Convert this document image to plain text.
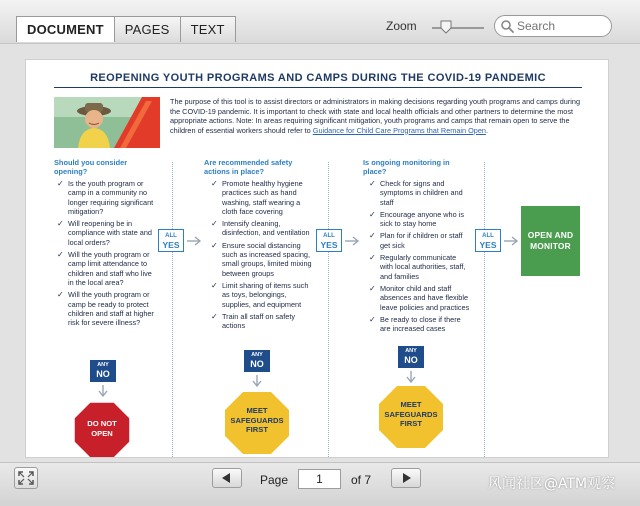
DOCUMENT	PAGES	TEXT	Zoom
Search
REOPENING YOUTH PROGRAMS AND CAMPS DURING THE COVID-19 PANDEMIC
The purpose of this tool is to assist directors or administrators in making decisions regarding youth programs and camps during the COVID-19 pandemic. It is important to check with state and local health officials and other partners to determine the most appropriate actions. Note: In areas requiring significant mitigation, youth programs and camps that remain open to serve the children of essential workers should refer to Guidance for Child Care Programs that Remain Open.
Should you consider opening?
✓ Is the youth program or camp in a community no longer requiring significant mitigation?
✓ Will reopening be in compliance with state and local orders?
✓ Will the youth program or camp limit attendance to children and staff who live in the local area?
✓ Will the youth program or camp be ready to protect children and staff at higher risk for severe illness?
ALL
YES
Are recommended safety actions in place?
✓ Promote healthy hygiene practices such as hand washing, staff wearing a cloth face covering
✓ Intensify cleaning, disinfection, and ventilation
✓ Ensure social distancing such as increased spacing, small groups, limited mixing between groups
✓ Limit sharing of items such as toys, belongings, supplies, and equipment
✓ Train all staff on safety actions
ALL
YES
Is ongoing monitoring in place?
✓ Check for signs and symptoms in children and staff
✓ Encourage anyone who is sick to stay home
✓ Plan for if children or staff get sick
✓ Regularly communicate with local authorities, staff, and families
✓ Monitor child and staff absences and have flexible leave policies and practices
✓ Be ready to close if there are increased cases
ALL
YES
OPEN AND
MONITOR
ANY
NO
ANY
NO
ANY
NO
DO NOT
OPEN
MEET
SAFEGUARDS
FIRST
MEET
SAFEGUARDS
FIRST
Page
1	of 7	风闻社区@ATM观察
